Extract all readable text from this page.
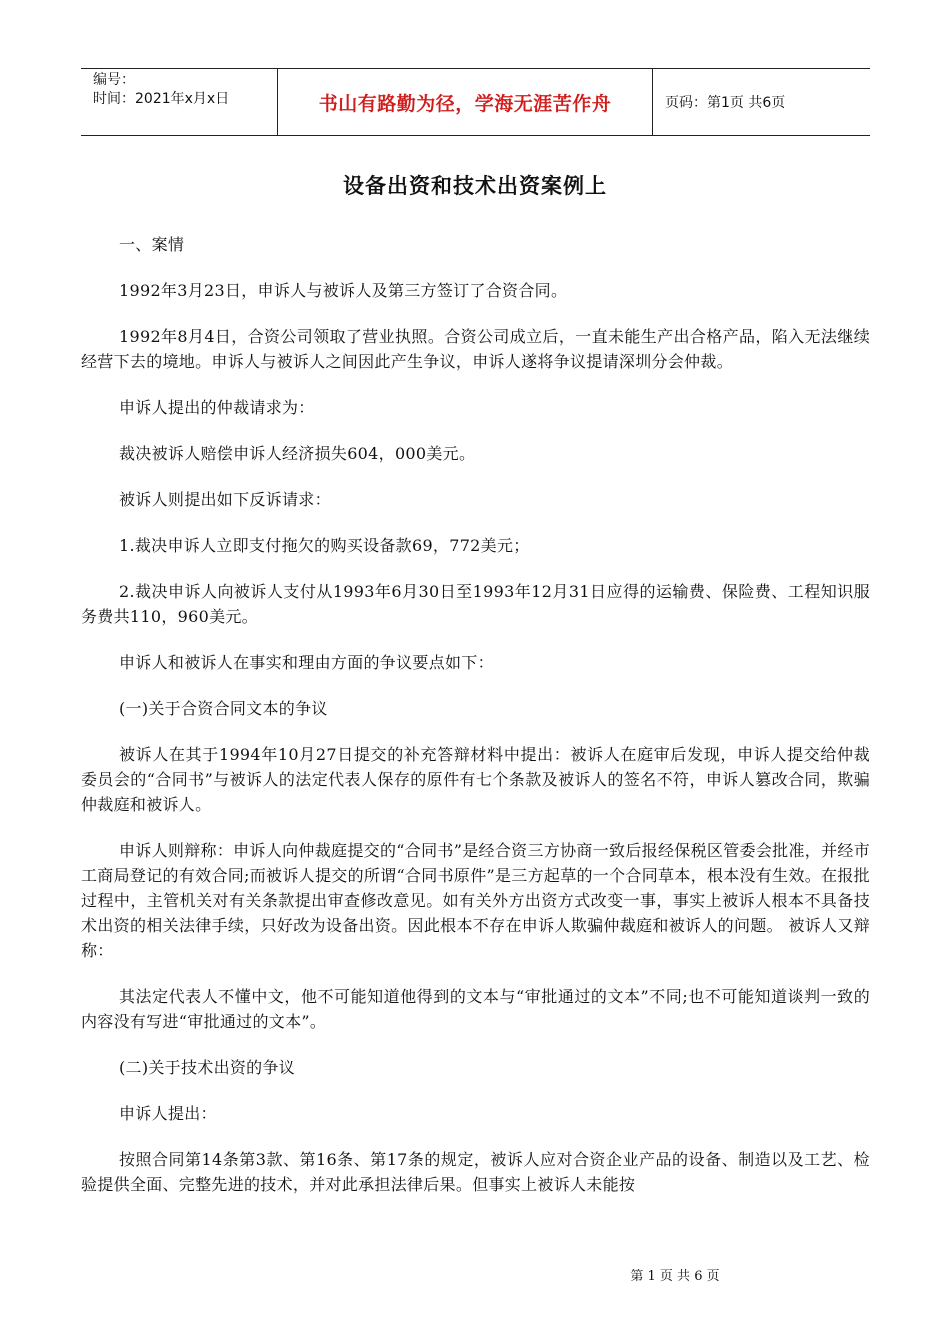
编号：
时间：2021年x月x日	书山有路勤为径，学海无涯苦作舟	页码：第1页 共6页
设备出资和技术出资案例上

一、案情

1992年3月23日，申诉人与被诉人及第三方签订了合资合同。

1992年8月4日，合资公司领取了营业执照。合资公司成立后，一直未能生产出合格产品，陷入无法继续经营下去的境地。申诉人与被诉人之间因此产生争议，申诉人遂将争议提请深圳分会仲裁。

申诉人提出的仲裁请求为：

裁决被诉人赔偿申诉人经济损失604，000美元。

被诉人则提出如下反诉请求：

1.裁决申诉人立即支付拖欠的购买设备款69，772美元；

2.裁决申诉人向被诉人支付从1993年6月30日至1993年12月31日应得的运输费、保险费、工程知识服务费共110，960美元。

申诉人和被诉人在事实和理由方面的争议要点如下：

(一)关于合资合同文本的争议

被诉人在其于1994年10月27日提交的补充答辩材料中提出：被诉人在庭审后发现，申诉人提交给仲裁委员会的“合同书”与被诉人的法定代表人保存的原件有七个条款及被诉人的签名不符，申诉人篡改合同，欺骗仲裁庭和被诉人。

申诉人则辩称：申诉人向仲裁庭提交的“合同书”是经合资三方协商一致后报经保税区管委会批准，并经市工商局登记的有效合同;而被诉人提交的所谓“合同书原件”是三方起草的一个合同草本，根本没有生效。在报批过程中，主管机关对有关条款提出审查修改意见。如有关外方出资方式改变一事，事实上被诉人根本不具备技术出资的相关法律手续，只好改为设备出资。因此根本不存在申诉人欺骗仲裁庭和被诉人的问题。 被诉人又辩称：

其法定代表人不懂中文，他不可能知道他得到的文本与“审批通过的文本”不同;也不可能知道谈判一致的内容没有写进“审批通过的文本”。

(二)关于技术出资的争议

申诉人提出：

按照合同第14条第3款、第16条、第17条的规定，被诉人应对合资企业产品的设备、制造以及工艺、检验提供全面、完整先进的技术，并对此承担法律后果。但事实上被诉人未能按

第 1 页 共 6 页
